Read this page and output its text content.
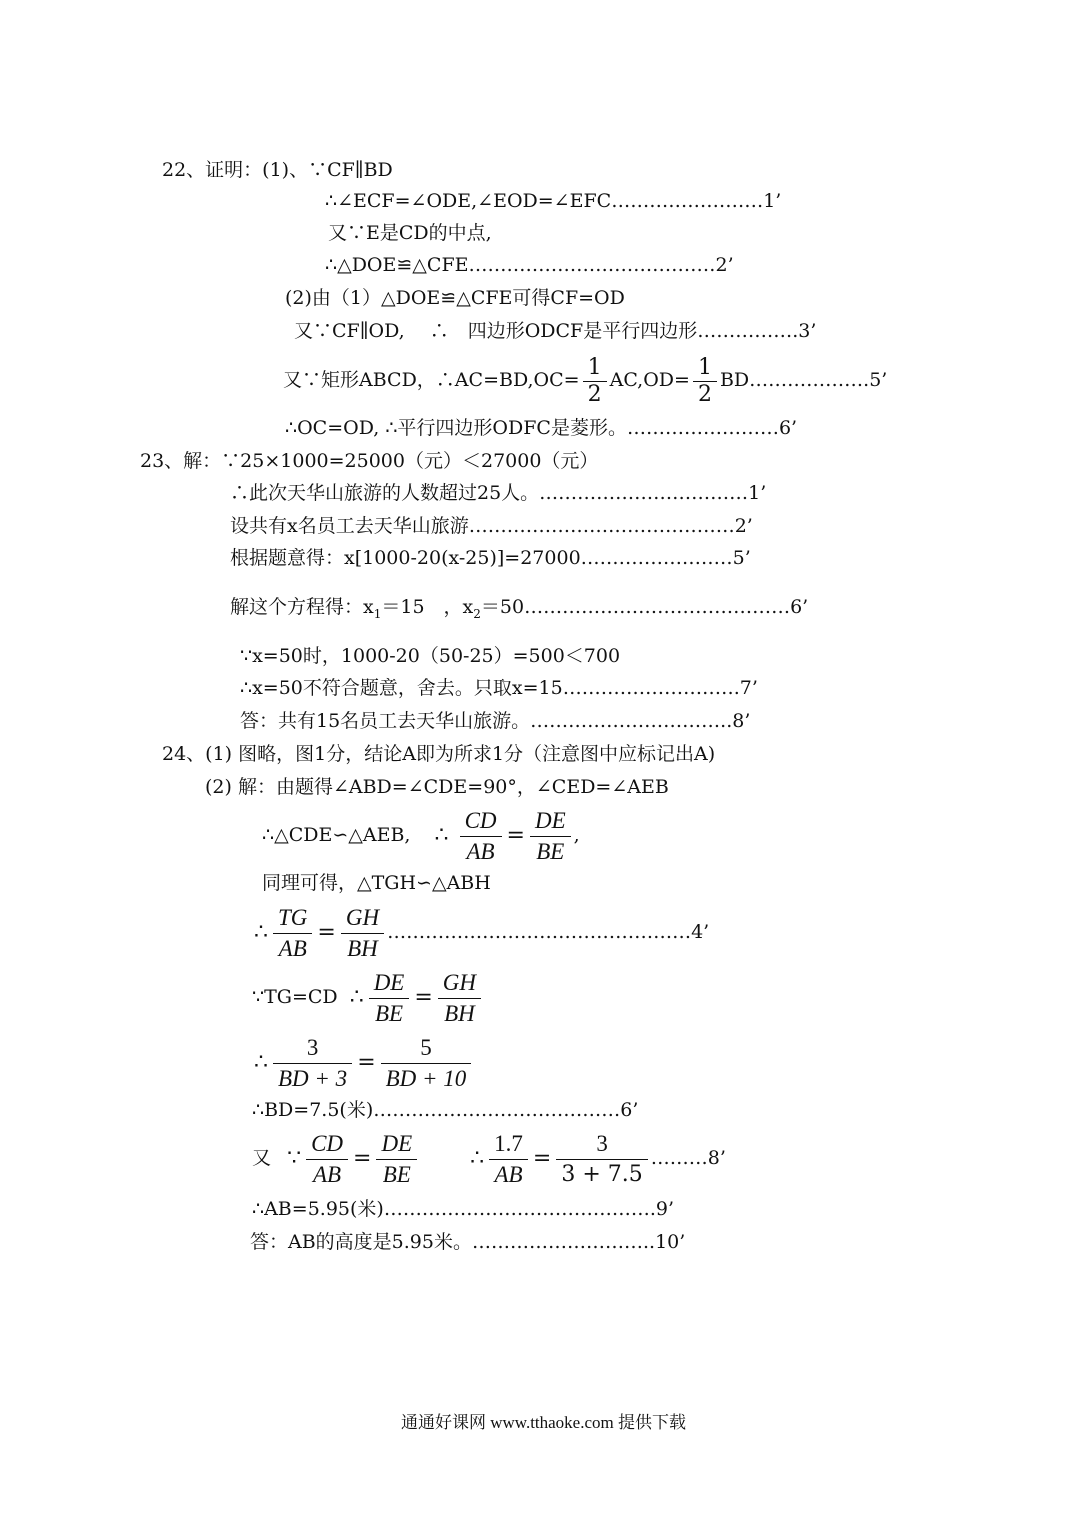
22、证明：(1)、∵CF∥BD
∴∠ECF=∠ODE,∠EOD=∠EFC……………………1’
又∵E是CD的中点,
∴△DOE≌△CFE…………………………………2’
(2)由（1）△DOE≌△CFE可得CF=OD
又∵CF∥OD,　 ∴　四边形ODCF是平行四边形…………….3’
又∵矩形ABCD，∴AC=BD,OC= $\frac{1}{2} AC,OD= \frac{1}{2}$ BD……………….5’
∴OC=OD, ∴平行四边形ODFC是菱形。……………………6’
23、解：∵25×1000=25000（元）＜27000（元）
∴此次天华山旅游的人数超过25人。……………………………1’
设共有x名员工去天华山旅游……………………………………2’
根据题意得：x[1000-20(x-25)]=27000……………………5’
解这个方程得：$x_1=15$　，$x_2=50\dots\dots\dots\dots\dots\dots\dots\dots\dots\dots\dots\dots\dots\dots 6$’
∵x=50时，1000-20（50-25）=500＜700
∴x=50不符合题意，舍去。只取x=15……………………….7’
答：共有15名员工去天华山旅游。…………………………..8’
24、(1) 图略，图1分，结论A即为所求1分（注意图中应标记出A)
(2) 解：由题得∠ABD=∠CDE=90°，∠CED=∠AEB
∴△CDE∽△AEB, ∴ $\frac{CD}{AB} = \frac{DE}{BE}$ ,
同理可得，△TGH∽△ABH
∴ $\frac{TG}{AB} = \frac{GH}{BH}$ …………………………………………4’
∵TG=CD ∴ $\frac{DE}{BE} = \frac{GH}{BH}$
∴ $\frac{3}{BD + 3} = \frac{5}{BD + 10}$
∴BD=7.5(米)…………………………………6’
又 ∵ $\frac{CD}{AB} = \frac{DE}{BE}$ ∴ $\frac{1.7}{AB} = \frac{3}{3 + 7.5}$ ………8’
∴AB=5.95(米)…………………………………….9’
答：AB的高度是5.95米。………………………..10’
通通好课网 www.tthaoke.com 提供下载
